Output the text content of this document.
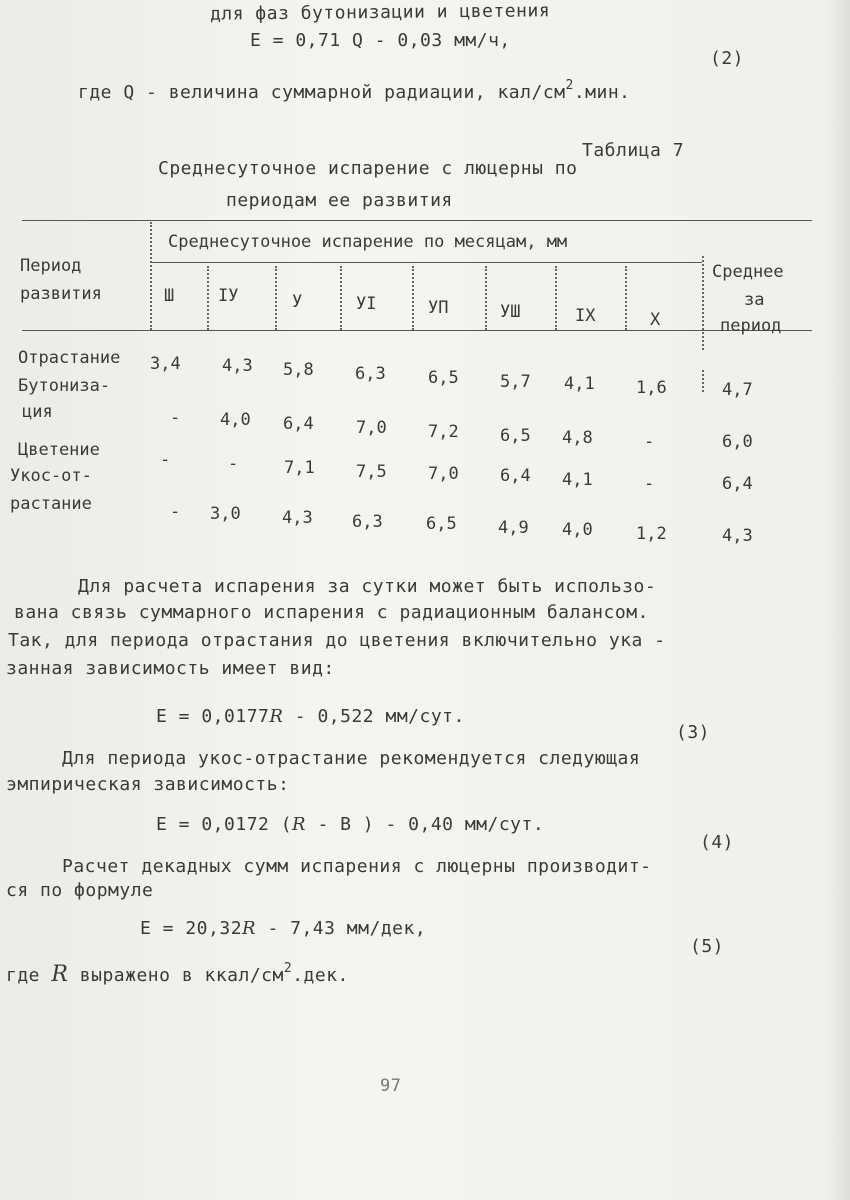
для фаз бутонизации и цветения
E = 0,71 Q - 0,03 мм/ч,
(2)
где Q - величина суммарной радиации, кал/$см^2.мин$.
Таблица 7
Среднесуточное испарение с люцерны по
периодам ее развития
Период
развития
Среднесуточное испарение по месяцам, мм
Ш	IУ	У	УI	УП	УШ	IX	X
Среднее
за
период
Отрастание 3,4 4,3 5,8 6,3 6,5 5,7 4,1 1,6	4,7
Бутониза-
ция	- 4,0 6,4 7,0 7,2 6,5 4,8	-	6,0
Цветение	-	-	7,1 7,5 7,0 6,4 4,1	-	6,4
Укос-от-
растание	- 3,0 4,3 6,3	6,5 4,9 4,0	1,2	4,3
Для расчета испарения за сутки может быть использо-
вана связь суммарного испарения с радиационным балансом.
Так, для периода отрастания до цветения включительно ука -
занная зависимость имеет вид:
E = 0,0177R - 0,522 мм/сут.
(3)
Для периода укос-отрастание рекомендуется следующая
эмпирическая зависимость:
E = 0,0172 (R - B ) - 0,40 мм/сут.
(4)
Расчет декадных сумм испарения с люцерны производит-
ся по формуле
E = 20,32R - 7,43 мм/дек,
(5)
где R выражено в ккал/$см^2.дек$.
97
